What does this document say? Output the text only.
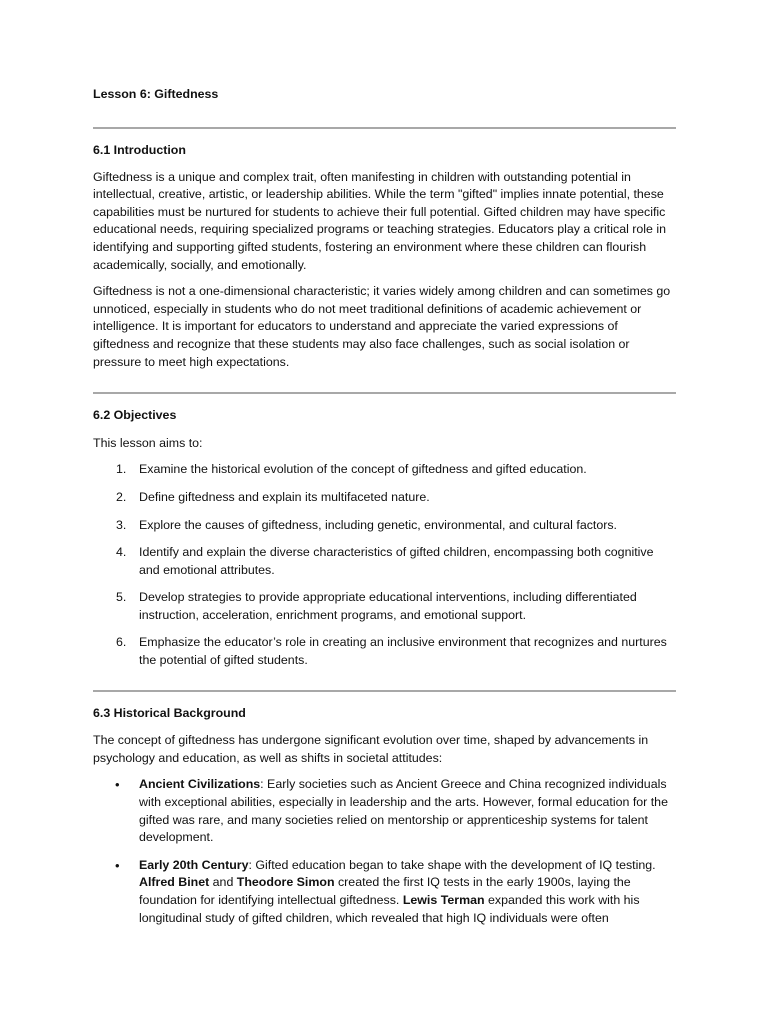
Lesson 6: Giftedness
6.1 Introduction

Giftedness is a unique and complex trait, often manifesting in children with outstanding potential in intellectual, creative, artistic, or leadership abilities. While the term "gifted" implies innate potential, these capabilities must be nurtured for students to achieve their full potential. Gifted children may have specific educational needs, requiring specialized programs or teaching strategies. Educators play a critical role in identifying and supporting gifted students, fostering an environment where these children can flourish academically, socially, and emotionally.

Giftedness is not a one-dimensional characteristic; it varies widely among children and can sometimes go unnoticed, especially in students who do not meet traditional definitions of academic achievement or intelligence. It is important for educators to understand and appreciate the varied expressions of giftedness and recognize that these students may also face challenges, such as social isolation or pressure to meet high expectations.

6.2 Objectives

This lesson aims to:

1. Examine the historical evolution of the concept of giftedness and gifted education.
2. Define giftedness and explain its multifaceted nature.
3. Explore the causes of giftedness, including genetic, environmental, and cultural factors.
4. Identify and explain the diverse characteristics of gifted children, encompassing both cognitive and emotional attributes.
5. Develop strategies to provide appropriate educational interventions, including differentiated instruction, acceleration, enrichment programs, and emotional support.
6. Emphasize the educator’s role in creating an inclusive environment that recognizes and nurtures the potential of gifted students.
6.3 Historical Background

The concept of giftedness has undergone significant evolution over time, shaped by advancements in psychology and education, as well as shifts in societal attitudes:

• Ancient Civilizations: Early societies such as Ancient Greece and China recognized individuals with exceptional abilities, especially in leadership and the arts. However, formal education for the gifted was rare, and many societies relied on mentorship or apprenticeship systems for talent development.
• Early 20th Century: Gifted education began to take shape with the development of IQ testing. Alfred Binet and Theodore Simon created the first IQ tests in the early 1900s, laying the foundation for identifying intellectual giftedness. Lewis Terman expanded this work with his longitudinal study of gifted children, which revealed that high IQ individuals were often
